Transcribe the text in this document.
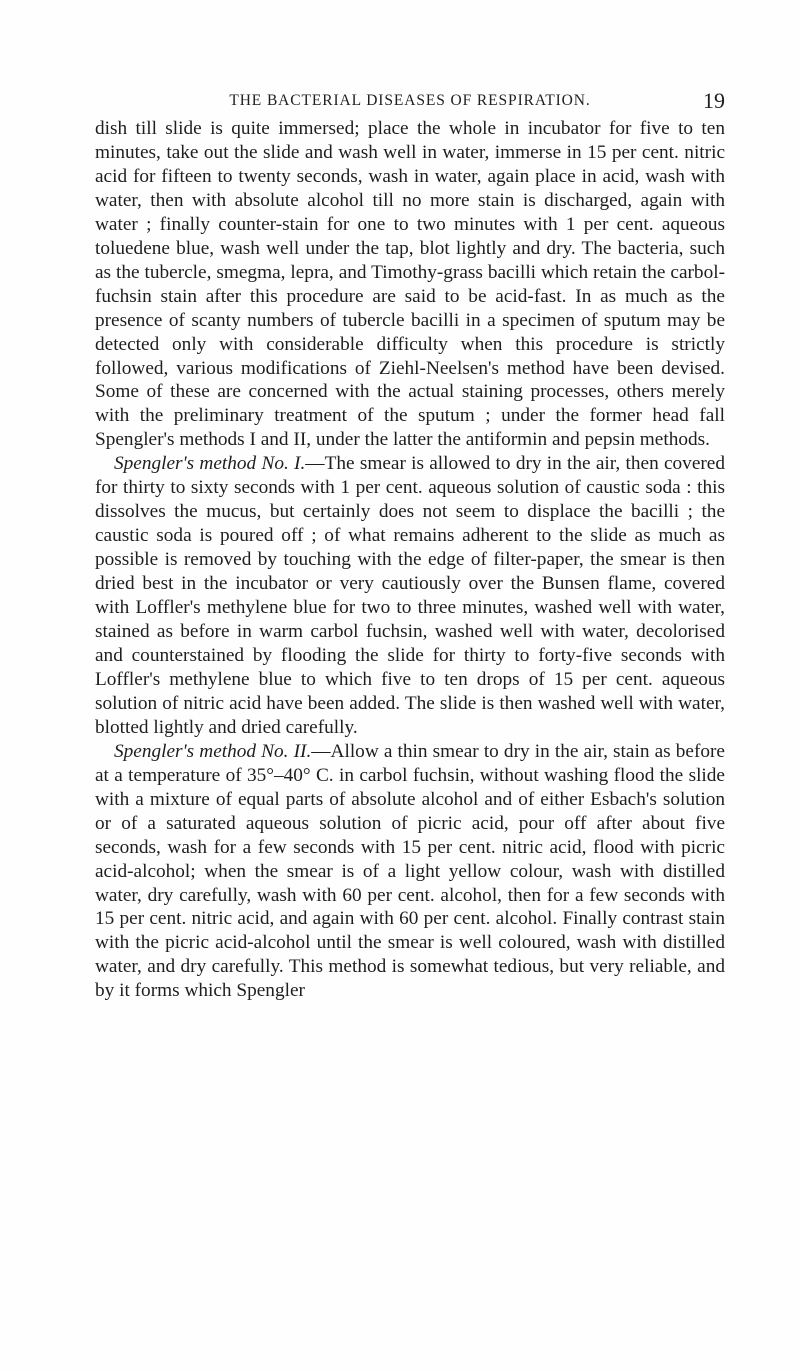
THE BACTERIAL DISEASES OF RESPIRATION.	19

dish till slide is quite immersed; place the whole in incubator for five to ten minutes, take out the slide and wash well in water, immerse in 15 per cent. nitric acid for fifteen to twenty seconds, wash in water, again place in acid, wash with water, then with absolute alcohol till no more stain is discharged, again with water ; finally counter-stain for one to two minutes with 1 per cent. aqueous toluedene blue, wash well under the tap, blot lightly and dry. The bacteria, such as the tubercle, smegma, lepra, and Timothy-grass bacilli which retain the carbol-fuchsin stain after this procedure are said to be acid-fast. In as much as the presence of scanty numbers of tubercle bacilli in a specimen of sputum may be detected only with considerable difficulty when this procedure is strictly followed, various modifications of Ziehl-Neelsen's method have been devised. Some of these are concerned with the actual staining processes, others merely with the preliminary treatment of the sputum ; under the former head fall Spengler's methods I and II, under the latter the antiformin and pepsin methods.

Spengler's method No. I.—The smear is allowed to dry in the air, then covered for thirty to sixty seconds with 1 per cent. aqueous solution of caustic soda : this dissolves the mucus, but certainly does not seem to displace the bacilli ; the caustic soda is poured off ; of what remains adherent to the slide as much as possible is removed by touching with the edge of filter-paper, the smear is then dried best in the incubator or very cautiously over the Bunsen flame, covered with Loffler's methylene blue for two to three minutes, washed well with water, stained as before in warm carbol fuchsin, washed well with water, decolorised and counterstained by flooding the slide for thirty to forty-five seconds with Loffler's methylene blue to which five to ten drops of 15 per cent. aqueous solution of nitric acid have been added. The slide is then washed well with water, blotted lightly and dried carefully.

Spengler's method No. II.—Allow a thin smear to dry in the air, stain as before at a temperature of 35°–40° C. in carbol fuchsin, without washing flood the slide with a mixture of equal parts of absolute alcohol and of either Esbach's solution or of a saturated aqueous solution of picric acid, pour off after about five seconds, wash for a few seconds with 15 per cent. nitric acid, flood with picric acid-alcohol; when the smear is of a light yellow colour, wash with distilled water, dry carefully, wash with 60 per cent. alcohol, then for a few seconds with 15 per cent. nitric acid, and again with 60 per cent. alcohol. Finally contrast stain with the picric acid-alcohol until the smear is well coloured, wash with distilled water, and dry carefully. This method is somewhat tedious, but very reliable, and by it forms which Spengler
